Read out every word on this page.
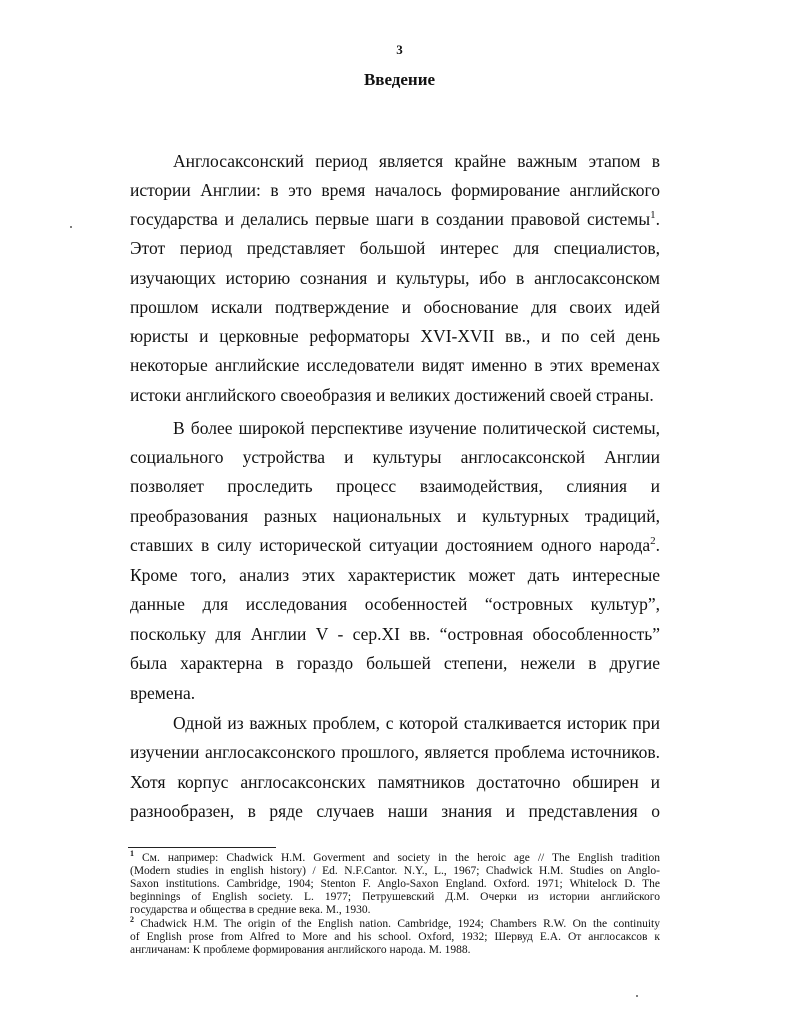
3
Введение
Англосаксонский период является крайне важным этапом в
истории Англии: в это время началось формирование английского
государства и делались первые шаги в создании правовой системы$^1$.
Этот период представляет большой интерес для специалистов,
изучающих историю сознания и культуры, ибо в англосаксонском
прошлом искали подтверждение и обоснование для своих идей
юристы и церковные реформаторы XVI-XVII вв., и по сей день
некоторые английские исследователи видят именно в этих временах
истоки английского своеобразия и великих достижений своей страны.
В более широкой перспективе изучение политической системы,
социального устройства и культуры англосаксонской Англии
позволяет проследить процесс взаимодействия, слияния и
преобразования разных национальных и культурных традиций,
ставших в силу исторической ситуации достоянием одного народа$^2$.
Кроме того, анализ этих характеристик может дать интересные
данные для исследования особенностей “островных культур”,
поскольку для Англии V - сер.XI вв. “островная обособленность”
была характерна в гораздо большей степени, нежели в другие
времена.
Одной из важных проблем, с которой сталкивается историк при
изучении англосаксонского прошлого, является проблема источников.
Хотя корпус англосаксонских памятников достаточно обширен и
разнообразен, в ряде случаев наши знания и представления о
$^1$ См. например: Chadwick H.M. Goverment and society in the heroic age // The English tradition
(Modern studies in english history) / Ed. N.F.Cantor. N.Y., L., 1967; Chadwick H.M. Studies on Anglo-
Saxon institutions. Cambridge, 1904; Stenton F. Anglo-Saxon England. Oxford. 1971; Whitelock D. The
beginnings of English society. L. 1977; Петрушевский Д.М. Очерки из истории английского
государства и общества в средние века. М., 1930.
$^2$ Chadwick H.M. The origin of the English nation. Cambridge, 1924; Chambers R.W. On the continuity
of English prose from Alfred to More and his school. Oxford, 1932; Шервуд Е.А. От англосаксов к
англичанам: К проблеме формирования английского народа. М. 1988.
